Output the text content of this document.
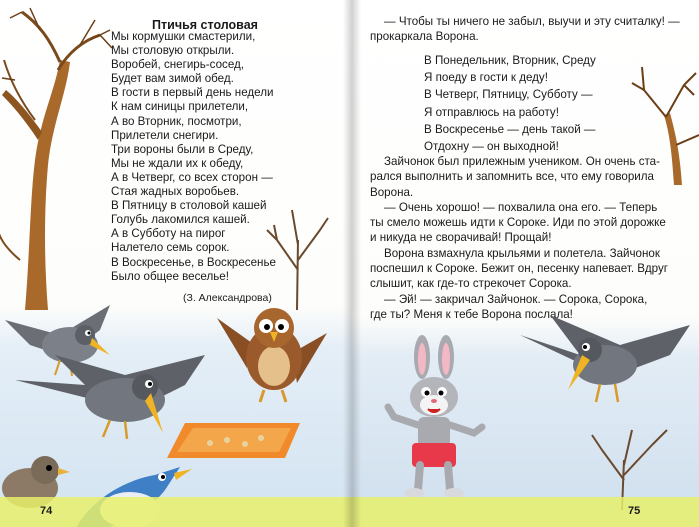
Птичья столовая
Мы кормушки смастерили,
Мы столовую открыли.
Воробей, снегирь-сосед,
Будет вам зимой обед.
В гости в первый день недели
К нам синицы прилетели,
А во Вторник, посмотри,
Прилетели снегири.
Три вороны были в Среду,
Мы не ждали их к обеду,
А в Четверг, со всех сторон —
Стая жадных воробьев.
В Пятницу в столовой кашей
Голубь лакомился кашей.
А в Субботу на пирог
Налетело семь сорок.
В Воскресенье, в Воскресенье
Было общее веселье!
(З. Александрова)
74
— Чтобы ты ничего не забыл, выучи и эту считалку! —
прокаркала Ворона.
В Понедельник, Вторник, Среду
Я поеду в гости к деду!
В Четверг, Пятницу, Субботу —
Я отправлюсь на работу!
В Воскресенье — день такой —
Отдохну — он выходной!
Зайчонок был прилежным учеником. Он очень ста-
рался выполнить и запомнить все, что ему говорила
Ворона.
— Очень хорошо! — похвалила она его. — Теперь
ты смело можешь идти к Сороке. Иди по этой дорожке
и никуда не сворачивай! Прощай!
Ворона взмахнула крыльями и полетела. Зайчонок
поспешил к Сороке. Бежит он, песенку напевает. Вдруг
слышит, как где-то стрекочет Сорока.
— Эй! — закричал Зайчонок. — Сорока, Сорока,
где ты? Меня к тебе Ворона послала!
75
